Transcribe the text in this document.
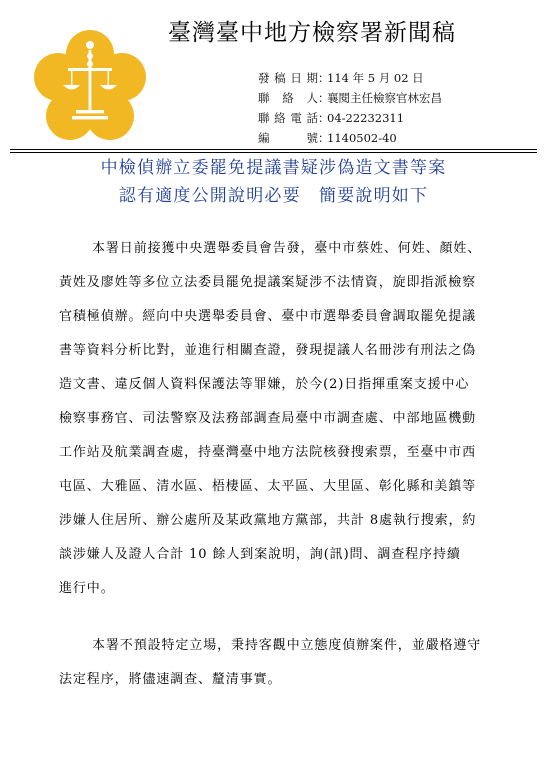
臺灣臺中地方檢察署新聞稿
發稿日期 ：
114 年 5 月 02 日
聯絡人 ：
襄閱主任檢察官林宏昌
聯絡電話 ：
04-22232311
編號 ：
1140502-40
中檢偵辦立委罷免提議書疑涉偽造文書等案
認有適度公開說明必要　簡要說明如下
本署日前接獲中央選舉委員會告發，臺中市蔡姓、何姓、顏姓、
黃姓及廖姓等多位立法委員罷免提議案疑涉不法情資，旋即指派檢察
官積極偵辦。經向中央選舉委員會、臺中市選舉委員會調取罷免提議
書等資料分析比對，並進行相關查證，發現提議人名冊涉有刑法之偽
造文書、違反個人資料保護法等罪嫌，於今(2)日指揮重案支援中心
檢察事務官、司法警察及法務部調查局臺中市調查處、中部地區機動
工作站及航業調查處，持臺灣臺中地方法院核發搜索票，至臺中市西
屯區、大雅區、清水區、梧棲區、太平區、大里區、彰化縣和美鎮等
涉嫌人住居所、辦公處所及某政黨地方黨部，共計 8處執行搜索，約
談涉嫌人及證人合計 10 餘人到案說明，詢(訊)問、調查程序持續
進行中。
本署不預設特定立場，秉持客觀中立態度偵辦案件，並嚴格遵守
法定程序，將儘速調查、釐清事實。
